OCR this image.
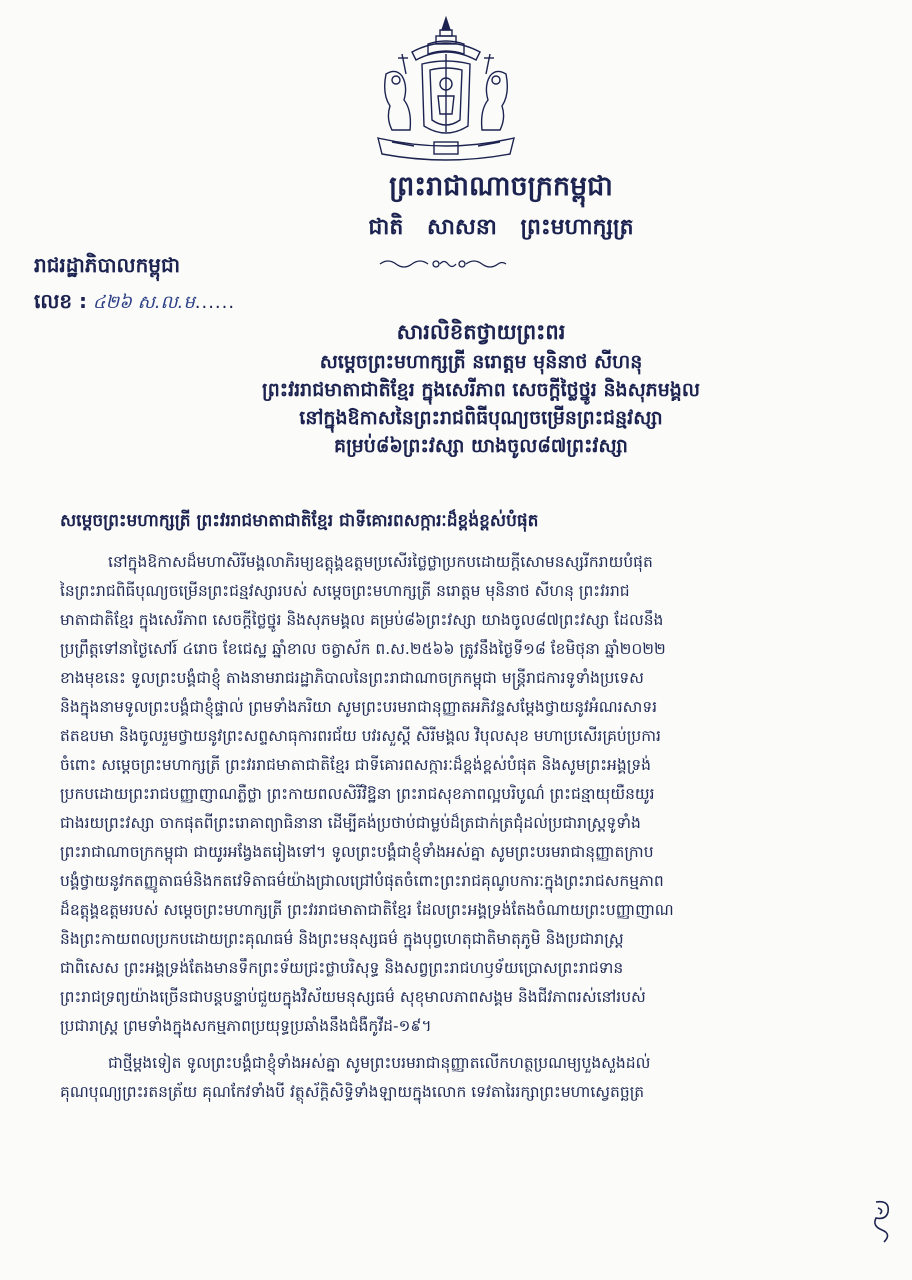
ព្រះរាជាណាចក្រកម្ពុជា
ជាតិ សាសនា ព្រះមហាក្សត្រ
រាជរដ្ឋាភិបាលកម្ពុជា
លេខ : ៤២៦ ស.ល.ម......
សារលិខិតថ្វាយព្រះពរ
សម្តេចព្រះមហាក្សត្រី នរោត្តម មុនិនាថ សីហនុ
ព្រះវររាជមាតាជាតិខ្មែរ ក្នុងសេរីភាព សេចក្តីថ្លៃថ្នូរ និងសុភមង្គល
នៅក្នុងឱកាសនៃព្រះរាជពិធីបុណ្យចម្រើនព្រះជន្មវស្សា
គម្រប់៨៦ព្រះវស្សា យាងចូល៨៧ព្រះវស្សា
សម្តេចព្រះមហាក្សត្រី ព្រះវររាជមាតាជាតិខ្មែរ ជាទីគោរពសក្ការៈដ៏ខ្ពង់ខ្ពស់បំផុត

នៅក្នុងឱកាសដ៏មហាសិរីមង្គលាភិរម្យឧត្តុង្គឧត្តមប្រសើរថ្លៃថ្លាប្រកបដោយក្តីសោមនស្សរីករាយបំផុត
នៃព្រះរាជពិធីបុណ្យចម្រើនព្រះជន្មវស្សារបស់ សម្តេចព្រះមហាក្សត្រី នរោត្តម មុនិនាថ សីហនុ ព្រះវររាជ
មាតាជាតិខ្មែរ ក្នុងសេរីភាព សេចក្តីថ្លៃថ្នូរ និងសុភមង្គល គម្រប់៨៦ព្រះវស្សា យាងចូល៨៧ព្រះវស្សា ដែលនឹង
ប្រព្រឹត្តទៅនាថ្ងៃសៅរ៍ ៤រោច ខែជេស្ឋ ឆ្នាំខាល ចត្វាស័ក ព.ស.២៥៦៦ ត្រូវនឹងថ្ងៃទី១៨ ខែមិថុនា ឆ្នាំ២០២២
ខាងមុខនេះ ទូលព្រះបង្គំជាខ្ញុំ តាងនាមរាជរដ្ឋាភិបាលនៃព្រះរាជាណាចក្រកម្ពុជា មន្ត្រីរាជការទូទាំងប្រទេស
និងក្នុងនាមទូលព្រះបង្គំជាខ្ញុំផ្ទាល់ ព្រមទាំងភរិយា សូមព្រះបរមរាជានុញ្ញាតអភិវន្ទសម្តែងថ្វាយនូវអំណរសាទរ
ឥតឧបមា និងចូលរួមថ្វាយនូវព្រះសព្ទសាធុការពរជ័យ បវរសួស្តី សិរីមង្គល វិបុលសុខ មហាប្រសើរគ្រប់ប្រការ
ចំពោះ សម្តេចព្រះមហាក្សត្រី ព្រះវររាជមាតាជាតិខ្មែរ ជាទីគោរពសក្ការៈដ៏ខ្ពង់ខ្ពស់បំផុត និងសូមព្រះអង្គទ្រង់
ប្រកបដោយព្រះរាជបញ្ញាញាណភ្លឺថ្លា ព្រះកាយពលសិរីវិឱ្ឋនា ព្រះរាជសុខភាពល្អបរិបូណ៌ ព្រះជន្មាយុយឺនយូរ
ជាងរយព្រះវស្សា ចាកផុតពីព្រះរោគាព្យាធិនានា ដើម្បីគង់ប្រថាប់ជាម្លប់ដ៏ត្រជាក់ត្រជុំដល់ប្រជារាស្ត្រទូទាំង
ព្រះរាជាណាចក្រកម្ពុជា ជាយូរអង្វែងតរៀងទៅ។ ទូលព្រះបង្គំជាខ្ញុំទាំងអស់គ្នា សូមព្រះបរមរាជានុញ្ញាតក្រាប
បង្គំថ្វាយនូវកតញ្ញូតាធម៌និងកតវេទិតាធម៌យ៉ាងជ្រាលជ្រៅបំផុតចំពោះព្រះរាជគុណូបការៈក្នុងព្រះរាជសកម្មភាព
ដ៏ឧត្តុង្គឧត្តមរបស់ សម្តេចព្រះមហាក្សត្រី ព្រះវររាជមាតាជាតិខ្មែរ ដែលព្រះអង្គទ្រង់តែងចំណាយព្រះបញ្ញាញាណ
និងព្រះកាយពលប្រកបដោយព្រះគុណធម៌ និងព្រះមនុស្សធម៌ ក្នុងបុព្វហេតុជាតិមាតុភូមិ និងប្រជារាស្ត្រ
ជាពិសេស ព្រះអង្គទ្រង់តែងមានទឹកព្រះទ័យជ្រះថ្លាបរិសុទ្ធ និងសព្វព្រះរាជហឫទ័យប្រោសព្រះរាជទាន
ព្រះរាជទ្រព្យយ៉ាងច្រើនជាបន្តបន្ទាប់ជួយក្នុងវិស័យមនុស្សធម៌ សុខុមាលភាពសង្គម និងជីវភាពរស់នៅរបស់
ប្រជារាស្ត្រ ព្រមទាំងក្នុងសកម្មភាពប្រយុទ្ធប្រឆាំងនឹងជំងឺកូវីដ-១៩។

ជាថ្មីម្តងទៀត ទូលព្រះបង្គំជាខ្ញុំទាំងអស់គ្នា សូមព្រះបរមរាជានុញ្ញាតលើកហត្ថប្រណម្យបួងសួងដល់
គុណបុណ្យព្រះរតនត្រ័យ គុណកែវទាំងបី វត្ថុស័ក្តិសិទ្ធិទាំងឡាយក្នុងលោក ទេវតារៃរក្សាព្រះមហាស្វេតច្ឆត្រ
